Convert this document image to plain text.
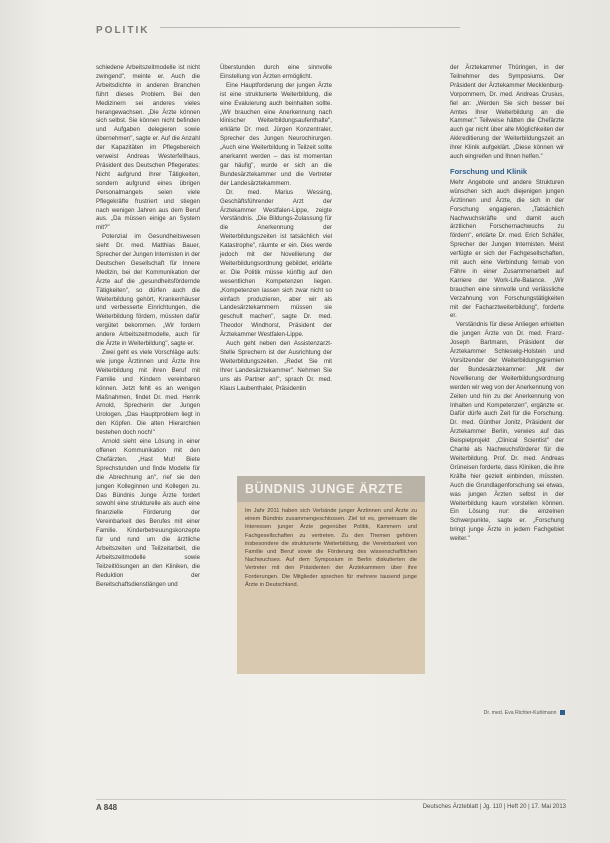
POLITIK

schiedene Arbeitszeitmodelle ist nicht zwingend", meinte er. Auch die Arbeitsdichte in anderen Branchen führt dieses Problem. Bei den Medizinern sei anderes vieles herangewachsen. „Die Ärzte können sich selbst. Sie können nicht befinden und Aufgaben delegieren sowie übernehmen", sagte er. Auf die Anzahl der Kapazitäten im Pflegebereich verweist Andreas Westerfellhaus, Präsident des Deutschen Pflegerates: Nicht aufgrund ihrer Tätigkeiten, sondern aufgrund eines übrigen Personalmangels seien viele Pflegekräfte frustriert und stiegen nach wenigen Jahren aus dem Beruf aus. „Da müssen einige an System mit?"

Potenzial im Gesundheitswesen sieht Dr. med. Matthias Bauer, Sprecher der Jungen Internisten in der Deutschen Gesellschaft für Innere Medizin, bei der Kommunikation der Ärzte auf die „gesundheitsfördernde Tätigkeiten", so dürfen auch die Weiterbildung gehört, Krankenhäuser und verbesserte Einrichtungen, die Weiterbildung fördern, müssten dafür vergütet bekommen. „Wir fordern andere Arbeitszeitmodelle, auch für die Ärzte in Weiterbildung", sagte er.

Zwei geht es viele Vorschläge aufs: wie junge Ärztinnen und Ärzte ihre Weiterbildung mit ihren Beruf mit Familie und Kindern vereinbaren können. Jetzt fehlt es an wenigen Maßnahmen, findet Dr. med. Henrik Arnold, Sprecherin der Jungen Urologen. „Das Hauptproblem liegt in den Köpfen. Die alten Hierarchien bestehen doch noch!"

Arnold sieht eine Lösung in einer offenen Kommunikation mit den Chefärzten. „Hast Mut! Biete Sprechstunden und finde Modelle für die Abrechnung an", rief sie den jungen Kolleginnen und Kollegen zu. Das Bündnis Junge Ärzte fordert sowohl eine strukturelle als auch eine finanzielle Förderung der Vereinbarkeit des Berufes mit einer Familie. Kinderbetreuungskonzepte für und rund um die ärztliche Arbeitszeiten und Teilzeitarbeit, die Arbeitszeitmodelle sowie Teilzeitlösungen an den Kliniken, die Reduktion der Bereitschaftsdienstlängen und

Überstunden durch eine sinnvolle Einstellung von Ärzten ermöglicht.

Eine Hauptforderung der jungen Ärzte ist eine strukturierte Weiterbildung, die eine Evaluierung auch beinhalten sollte. „Wir brauchen eine Anerkennung nach klinischer Weiterbildungsaufenthalte", erklärte Dr. med. Jürgen Konzentraler, Sprecher des Jungen Neurochirurgen. „Auch eine Weiterbildung in Teilzeit sollte anerkannt werden – das ist momentan gar häufig", wurde er sich an die Bundesärztekammer und die Vertreter der Landesärztekammern.

Dr. med. Marius Wessing, Geschäftsführender Arzt der Ärztekammer Westfalen-Lippe, zeigte Verständnis. „Die Bildungs-Zulassung für die Anerkennung der Weiterbildungszeiten ist tatsächlich viel Katastrophe", räumte er ein. Dies werde jedoch mit der Novellierung der Weiterbildungsordnung gebildet, erklärte er. Die Politik müsse künftig auf den wesentlichen Kompetenzen liegen. „Kompetenzen lassen sich zwar nicht so einfach produzieren, aber wir als Landesärztekammern müssen sie geschult machen", sagte Dr. med. Theodor Windhorst, Präsident der Ärztekammer Westfalen-Lippe.

Auch geht neben den Assistenzarzt-Stelle Sprechern ist der Ausrichtung der Weiterbildungszeiten. „Redet Sie mit Ihrer Landesärztekammer". Nehmen Sie uns als Partner an!", sprach Dr. med. Klaus Laubenthaler, Präsidentin

der Ärztekammer Thüringen, in der Teilnehmer des Symposiums. Der Präsident der Ärztekammer Mecklenburg-Vorpommern, Dr. med. Andreas Crusius, fiel an: „Werden Sie sich besser bei Amtes Ihrer Weiterbildung an die Kammer." Teilweise hätten die Chefärzte auch gar nicht über alle Möglichkeiten der Akkreditierung der Weiterbildungszeit an ihrer Klinik aufgeklärt. „Diese können wir auch eingreifen und Ihnen helfen."

Forschung und Klinik

Mehr Angebote und andere Strukturen wünschen sich auch diejenigen jungen Ärztinnen und Ärzte, die sich in der Forschung engagieren. „Tatsächlich Nachwuchskräfte und damit auch ärztlichen Forschernachwuchs zu fördern", erklärte Dr. med. Erich Schäfer, Sprecher der Jungen Internisten. Meist verfügte er sich der Fachgesellschaften, mit auch eine Verbindung fernab von Fähre in einer Zusammenarbeit auf Karriere der Work-Life-Balance. „Wir brauchen eine sinnvolle und verlässliche Verzahnung von Forschungstätigkeiten mit der Facharztweiterbildung", forderte er.

Verständnis für diese Anliegen erhielten die jungen Ärzte von Dr. med. Franz-Joseph Bartmann, Präsident der Ärztekammer Schleswig-Holstein und Vorsitzender der Weiterbildungsgremien der Bundesärztekammer: „Mit der Novellierung der Weiterbildungsordnung werden wir weg von der Anerkennung von Zeiten und hin zu der Anerkennung von Inhalten und Kompetenzen", ergänzte er. Dafür dürfe auch Zeit für die Forschung. Dr. med. Günther Jonitz, Präsident der Ärztekammer Berlin, verwies auf das Beispielprojekt „Clinical Scientist" der Charité als Nachwuchsförderer für die Weiterbildung. Prof. Dr. med. Andreas Grüneisen forderte, dass Kliniken, die ihre Kräfte hier gezielt einbinden, müssten. Auch die Grundlagenforschung sei etwas, was jungen Ärzten selbst in der Weiterbildung kaum vorstellen können. Ein Lösung nur: die einzelnen Schwerpunkte, sagte er. „Forschung bringt junge Ärzte in jedem Fachgebiet weiter."

BÜNDNIS JUNGE ÄRZTE
Im Jahr 2011 haben sich Verbände junger Ärztinnen und Ärzte zu einem Bündnis zusammengeschlossen. Ziel ist es, gemeinsam die Interessen junger Ärzte gegenüber Politik, Kammern und Fachgesellschaften zu vertreten. Zu den Themen gehören insbesondere die strukturierte Weiterbildung, die Vereinbarkeit von Familie und Beruf sowie die Förderung des wissenschaftlichen Nachwuchses. Auf dem Symposium in Berlin diskutierten die Vertreter mit den Präsidenten der Ärztekammern über ihre Forderungen. Die Mitglieder sprechen für mehrere tausend junge Ärzte in Deutschland.
Dr. med. Eva Richter-Kuhlmann
A 848	Deutsches Ärzteblatt | Jg. 110 | Heft 20 | 17. Mai 2013
